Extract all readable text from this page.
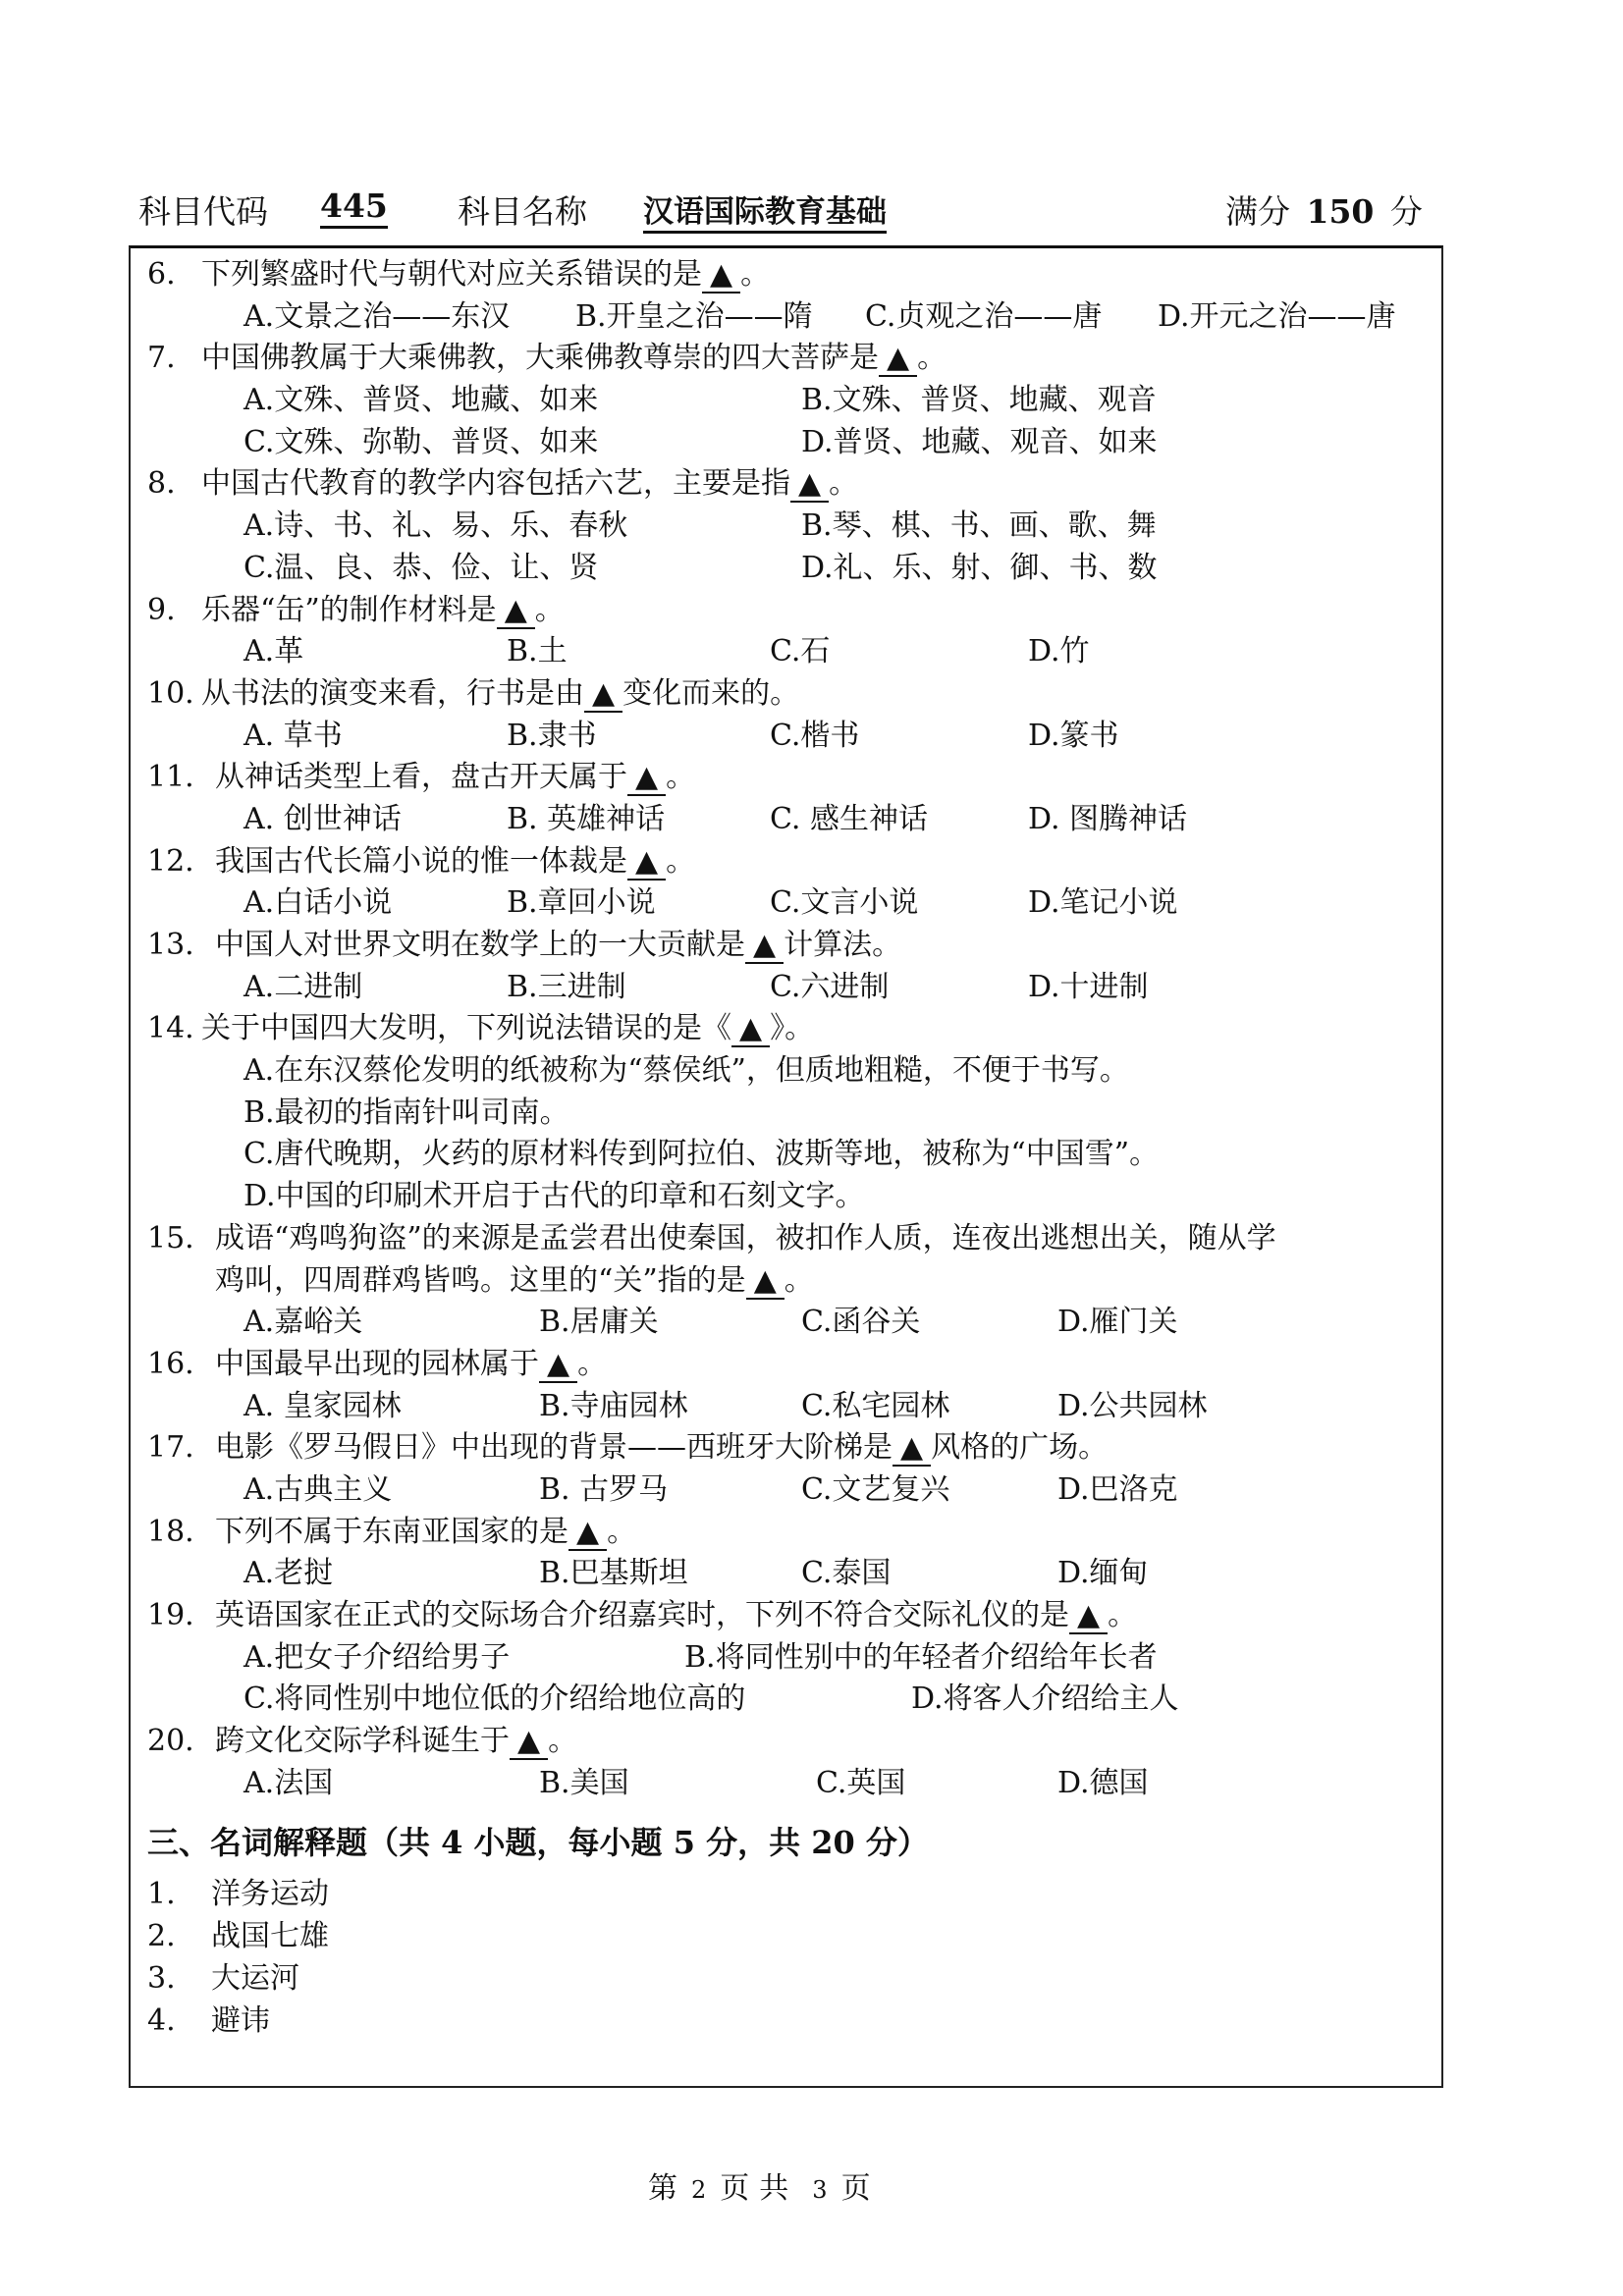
科目代码 445 科目名称 汉语国际教育基础	满分 150 分
6. 下列繁盛时代与朝代对应关系错误的是 ▲ 。
A.文景之治——东汉 B.开皇之治——隋 C.贞观之治——唐 D.开元之治——唐
7. 中国佛教属于大乘佛教，大乘佛教尊崇的四大菩萨是 ▲ 。
A.文殊、普贤、地藏、如来	B.文殊、普贤、地藏、观音
C.文殊、弥勒、普贤、如来	D.普贤、地藏、观音、如来
8. 中国古代教育的教学内容包括六艺，主要是指 ▲ 。
A.诗、书、礼、易、乐、春秋	B.琴、棋、书、画、歌、舞
C.温、良、恭、俭、让、贤	D.礼、乐、射、御、书、数
9. 乐器“缶”的制作材料是 ▲ 。
A.革	B.土	C.石	D.竹
10. 从书法的演变来看，行书是由 ▲ 变化而来的。
A. 草书	B.隶书	C.楷书	D.篆书
11. 从神话类型上看，盘古开天属于 ▲ 。
A. 创世神话	B. 英雄神话	C. 感生神话	D. 图腾神话
12. 我国古代长篇小说的惟一体裁是 ▲ 。
A.白话小说	B.章回小说	C.文言小说	D.笔记小说
13. 中国人对世界文明在数学上的一大贡献是 ▲ 计算法。
A.二进制	B.三进制	C.六进制	D.十进制
14. 关于中国四大发明，下列说法错误的是《 ▲ 》。
A.在东汉蔡伦发明的纸被称为“蔡侯纸”，但质地粗糙，不便于书写。
B.最初的指南针叫司南。
C.唐代晚期，火药的原材料传到阿拉伯、波斯等地，被称为“中国雪”。
D.中国的印刷术开启于古代的印章和石刻文字。
15. 成语“鸡鸣狗盗”的来源是孟尝君出使秦国，被扣作人质，连夜出逃想出关，随从学
鸡叫，四周群鸡皆鸣。这里的“关”指的是 ▲ 。
A.嘉峪关	B.居庸关	C.函谷关	D.雁门关
16. 中国最早出现的园林属于 ▲ 。
A. 皇家园林	B.寺庙园林	C.私宅园林	D.公共园林
17. 电影《罗马假日》中出现的背景——西班牙大阶梯是 ▲ 风格的广场。
A.古典主义	B. 古罗马	C.文艺复兴	D.巴洛克
18. 下列不属于东南亚国家的是 ▲ 。
A.老挝	B.巴基斯坦	C.泰国	D.缅甸
19. 英语国家在正式的交际场合介绍嘉宾时，下列不符合交际礼仪的是 ▲ 。
A.把女子介绍给男子	B.将同性别中的年轻者介绍给年长者
C.将同性别中地位低的介绍给地位高的	D.将客人介绍给主人
20. 跨文化交际学科诞生于 ▲ 。
A.法国	B.美国	C.英国	D.德国
三、名词解释题（共 4 小题，每小题 5 分，共 20 分）
1. 洋务运动
2. 战国七雄
3. 大运河
4. 避讳
第 2 页共 3 页
